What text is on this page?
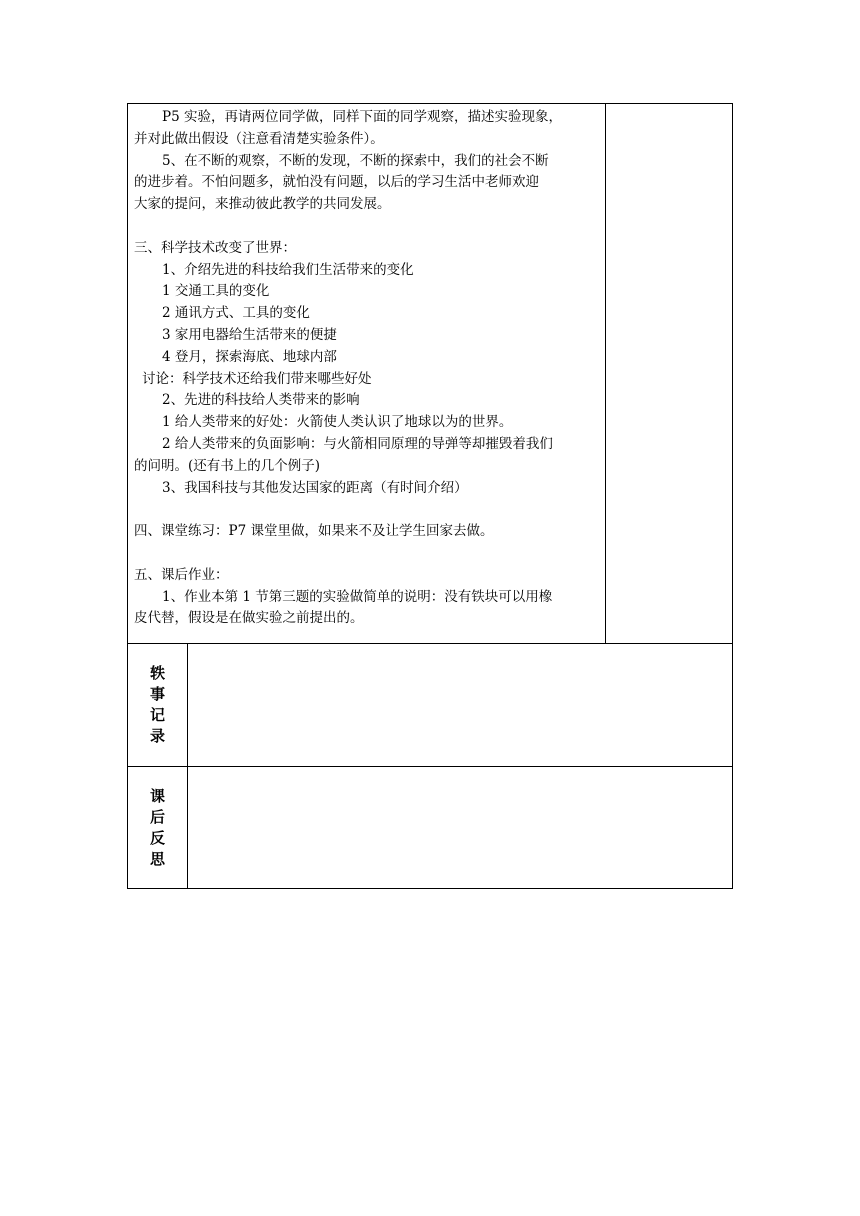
P5 实验，再请两位同学做，同样下面的同学观察，描述实验现象，
并对此做出假设（注意看清楚实验条件）。
5、在不断的观察，不断的发现，不断的探索中，我们的社会不断
的进步着。不怕问题多，就怕没有问题，以后的学习生活中老师欢迎
大家的提问，来推动彼此教学的共同发展。
三、科学技术改变了世界：
1、介绍先进的科技给我们生活带来的变化
1 交通工具的变化
2 通讯方式、工具的变化
3 家用电器给生活带来的便捷
4 登月，探索海底、地球内部
讨论：科学技术还给我们带来哪些好处
2、先进的科技给人类带来的影响
1 给人类带来的好处：火箭使人类认识了地球以为的世界。
2 给人类带来的负面影响：与火箭相同原理的导弹等却摧毁着我们
的问明。(还有书上的几个例子)
3、我国科技与其他发达国家的距离（有时间介绍）
四、课堂练习：P7 课堂里做，如果来不及让学生回家去做。
五、课后作业：
1、作业本第 1 节第三题的实验做简单的说明：没有铁块可以用橡
皮代替，假设是在做实验之前提出的。
轶
事
记
录
课
后
反
思
